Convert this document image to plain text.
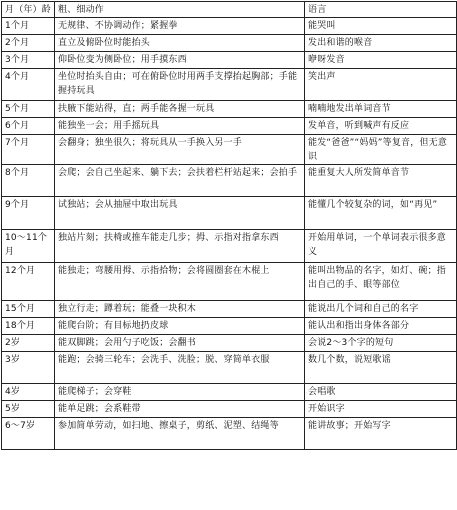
月（年）龄	粗、细动作	语言
1个月	无规律、不协调动作；紧握拳	能哭叫
2个月	直立及俯卧位时能抬头	发出和谐的喉音
3个月	仰卧位变为侧卧位；用手摸东西	咿呀发音
4个月	坐位时抬头自由；可在俯卧位时用两手支撑抬起胸部；手能握持玩具	笑出声
5个月	扶腋下能站得，直；两手能各握一玩具	喃喃地发出单词音节
6个月	能独坐一会；用手摇玩具	发单音，听到喊声有反应
7个月	会翻身；独坐很久；将玩具从一手换入另一手	能发“爸爸”“妈妈”等复音，但无意识
8个月	会爬；会自己坐起来、躺下去；会扶着栏杆站起来；会拍手	能重复大人所发简单音节
9个月	试独站；会从抽屉中取出玩具	能懂几个较复杂的词，如“再见”
10～11个月	独站片刻；扶椅或推车能走几步；拇、示指对指拿东西	开始用单词，一个单词表示很多意义
12个月	能独走；弯腰用拇、示指拾物；会将圆圈套在木棍上	能叫出物品的名字，如灯、碗；指出自己的手、眼等部位
15个月	独立行走；蹲着玩；能叠一块积木	能说出几个词和自己的名字
18个月	能爬台阶；有目标地扔皮球	能认出和指出身体各部分
2岁	能双脚跳；会用勺子吃饭；会翻书	会说2～3个字的短句
3岁	能跑；会骑三轮车；会洗手、洗脸；脱、穿简单衣服	数几个数，说短歌谣
4岁	能爬梯子；会穿鞋	会唱歌
5岁	能单足跳；会系鞋带	开始识字
6～7岁	参加简单劳动，如扫地、擦桌子，剪纸、泥塑、结绳等	能讲故事；开始写字
